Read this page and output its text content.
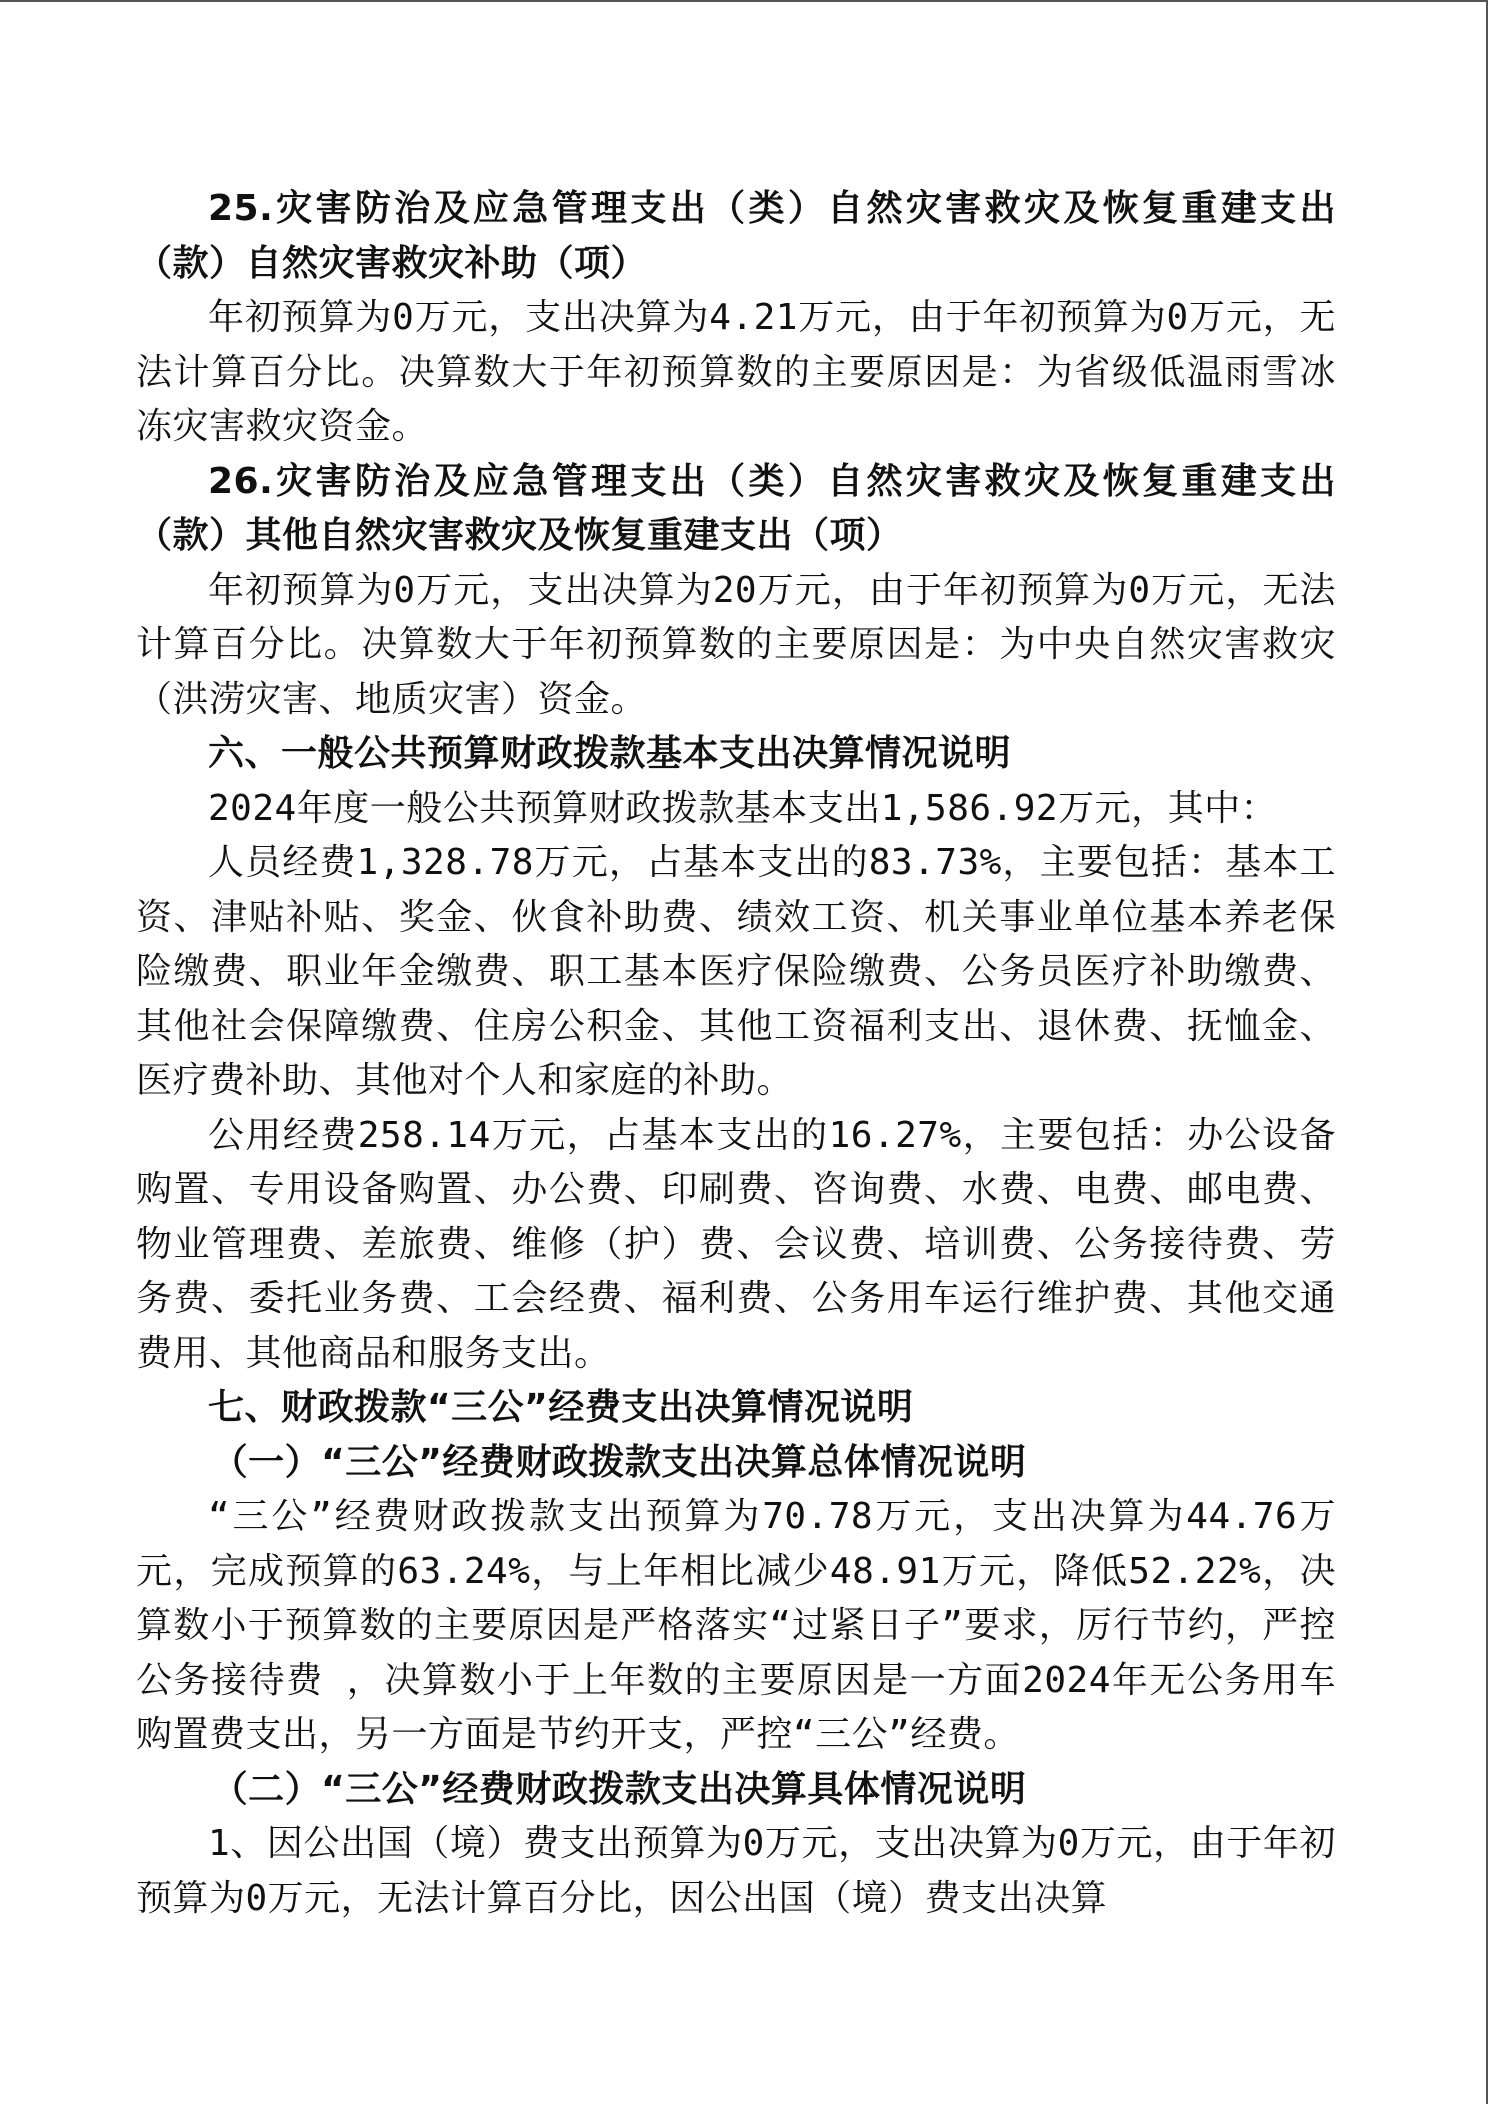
25.灾害防治及应急管理支出（类）自然灾害救灾及恢复重建支出（款）自然灾害救灾补助（项）

年初预算为0万元，支出决算为4.21万元，由于年初预算为0万元，无法计算百分比。决算数大于年初预算数的主要原因是：为省级低温雨雪冰冻灾害救灾资金。

26.灾害防治及应急管理支出（类）自然灾害救灾及恢复重建支出（款）其他自然灾害救灾及恢复重建支出（项）

年初预算为0万元，支出决算为20万元，由于年初预算为0万元，无法计算百分比。决算数大于年初预算数的主要原因是：为中央自然灾害救灾（洪涝灾害、地质灾害）资金。

六、一般公共预算财政拨款基本支出决算情况说明

2024年度一般公共预算财政拨款基本支出1,586.92万元，其中：

人员经费1,328.78万元，占基本支出的83.73%，主要包括：基本工资、津贴补贴、奖金、伙食补助费、绩效工资、机关事业单位基本养老保险缴费、职业年金缴费、职工基本医疗保险缴费、公务员医疗补助缴费、其他社会保障缴费、住房公积金、其他工资福利支出、退休费、抚恤金、医疗费补助、其他对个人和家庭的补助。

公用经费258.14万元，占基本支出的16.27%，主要包括：办公设备购置、专用设备购置、办公费、印刷费、咨询费、水费、电费、邮电费、物业管理费、差旅费、维修（护）费、会议费、培训费、公务接待费、劳务费、委托业务费、工会经费、福利费、公务用车运行维护费、其他交通费用、其他商品和服务支出。

七、财政拨款“三公”经费支出决算情况说明

（一）“三公”经费财政拨款支出决算总体情况说明

“三公”经费财政拨款支出预算为70.78万元，支出决算为44.76万元，完成预算的63.24%，与上年相比减少48.91万元，降低52.22%，决算数小于预算数的主要原因是严格落实“过紧日子”要求，厉行节约，严控公务接待费 ，决算数小于上年数的主要原因是一方面2024年无公务用车购置费支出，另一方面是节约开支，严控“三公”经费。

（二）“三公”经费财政拨款支出决算具体情况说明

1、因公出国（境）费支出预算为0万元，支出决算为0万元，由于年初预算为0万元，无法计算百分比，因公出国（境）费支出决算
